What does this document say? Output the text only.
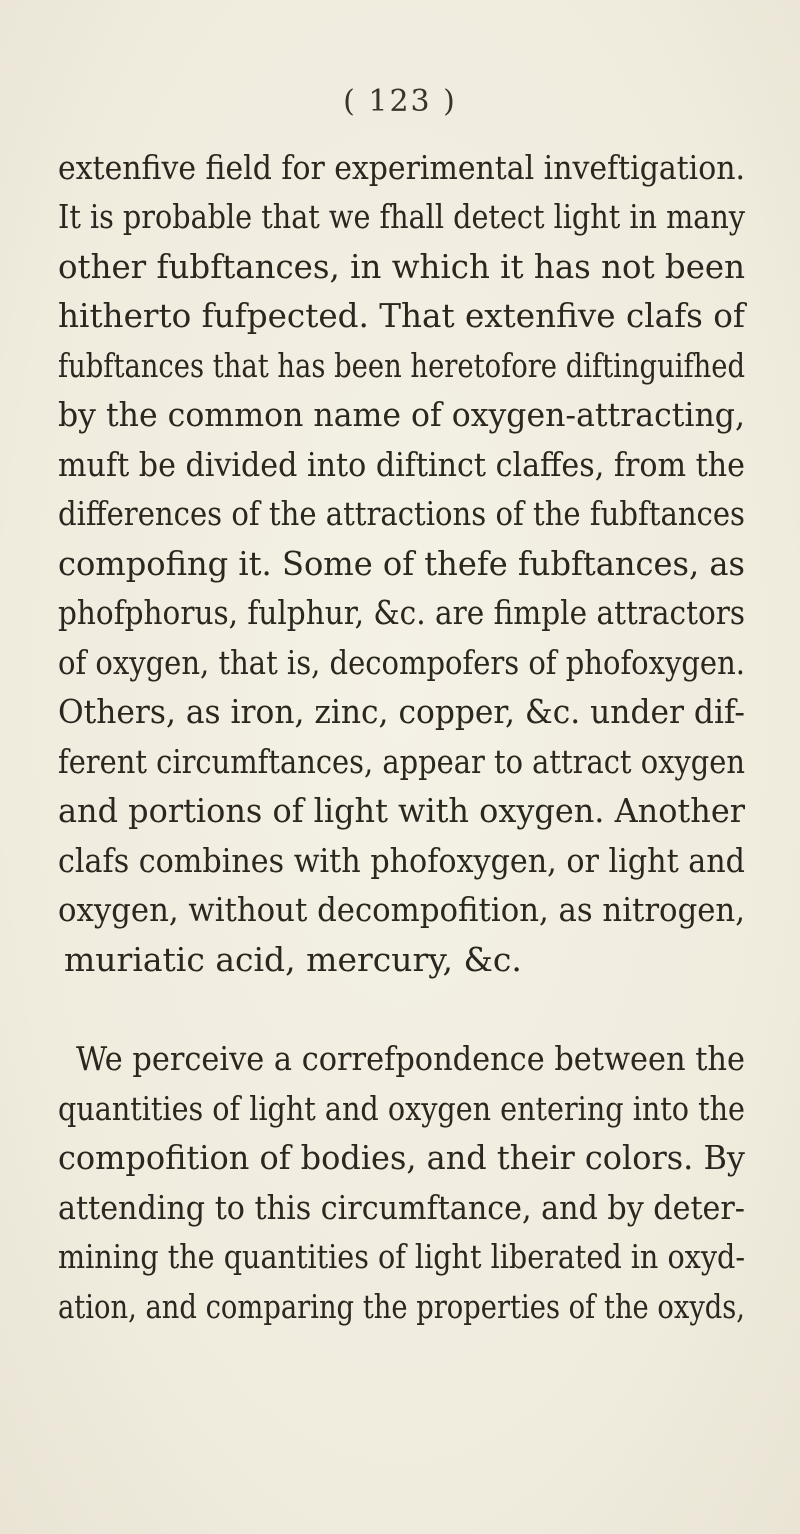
( 123 )
extenfive field for experimental inveftigation.
It is probable that we fhall detect light in many
other fubftances, in which it has not been
hitherto fufpected. That extenfive clafs of
fubftances that has been heretofore diftinguifhed
by the common name of oxygen-attracting,
muft be divided into diftinct claffes, from the
differences of the attractions of the fubftances
compofing it. Some of thefe fubftances, as
phofphorus, fulphur, &c. are fimple attractors
of oxygen, that is, decompofers of phofoxygen.
Others, as iron, zinc, copper, &c. under dif-
ferent circumftances, appear to attract oxygen
and portions of light with oxygen. Another
clafs combines with phofoxygen, or light and
oxygen, without decompofition, as nitrogen,
muriatic acid, mercury, &c.
We perceive a correfpondence between the
quantities of light and oxygen entering into the
compofition of bodies, and their colors. By
attending to this circumftance, and by deter-
mining the quantities of light liberated in oxyd-
ation, and comparing the properties of the oxyds,
